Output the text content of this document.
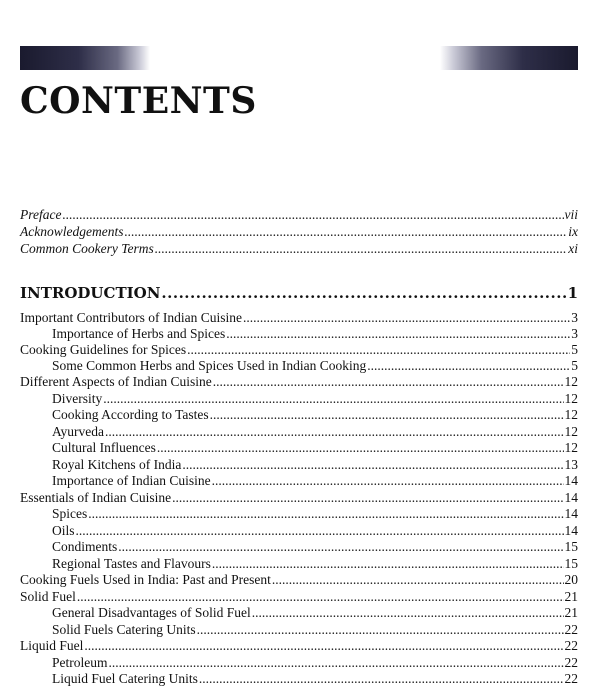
CONTENTS
Preface .....	vii
Acknowledgements .....	ix
Common Cookery Terms .....	xi
INTRODUCTION .....	1
Important Contributors of Indian Cuisine .....	3
Importance of Herbs and Spices .....	3
Cooking Guidelines for Spices .....	5
Some Common Herbs and Spices Used in Indian Cooking .....	5
Different Aspects of Indian Cuisine .....	12
Diversity .....	12
Cooking According to Tastes .....	12
Ayurveda .....	12
Cultural Influences .....	12
Royal Kitchens of India .....	13
Importance of Indian Cuisine .....	14
Essentials of Indian Cuisine .....	14
Spices .....	14
Oils .....	14
Condiments .....	15
Regional Tastes and Flavours .....	15
Cooking Fuels Used in India: Past and Present .....	20
Solid Fuel .....	21
General Disadvantages of Solid Fuel .....	21
Solid Fuels Catering Units .....	22
Liquid Fuel .....	22
Petroleum .....	22
Liquid Fuel Catering Units .....	22
